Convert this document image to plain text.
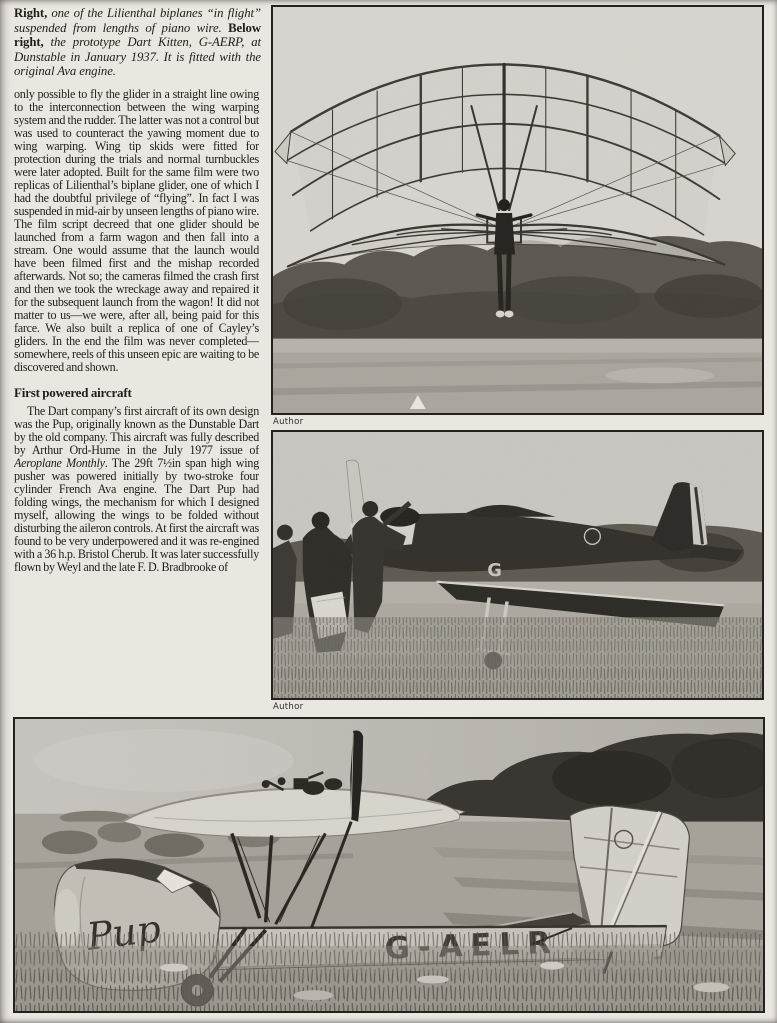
Right, one of the Lilienthal biplanes “in flight” suspended from lengths of piano wire. Below right, the prototype Dart Kitten, G-AERP, at Dunstable in January 1937. It is fitted with the original Ava engine.

only possible to fly the glider in a straight line owing to the interconnection between the wing warping system and the rudder. The latter was not a control but was used to counteract the yawing moment due to wing warping. Wing tip skids were fitted for protection during the trials and normal turnbuckles were later adopted. Built for the same film were two replicas of Lilienthal’s biplane glider, one of which I had the doubtful privilege of “flying”. In fact I was suspended in mid-air by unseen lengths of piano wire. The film script decreed that one glider should be launched from a farm wagon and then fall into a stream. One would assume that the launch would have been filmed first and the mishap recorded afterwards. Not so; the cameras filmed the crash first and then we took the wreckage away and repaired it for the subsequent launch from the wagon! It did not matter to us—we were, after all, being paid for this farce. We also built a replica of one of Cayley’s gliders. In the end the film was never completed—somewhere, reels of this unseen epic are waiting to be discovered and shown.

First powered aircraft

The Dart company’s first aircraft of its own design was the Pup, originally known as the Dunstable Dart by the old company. This aircraft was fully described by Arthur Ord-Hume in the July 1977 issue of Aeroplane Monthly. The 29ft 7½in span high wing pusher was powered initially by two-stroke four cylinder French Ava engine. The Dart Pup had folding wings, the mechanism for which I designed myself, allowing the wings to be folded without disturbing the aileron controls. At first the aircraft was found to be very underpowered and it was re-engined with a 36 h.p. Bristol Cherub. It was later successfully flown by Weyl and the late F. D. Bradbrooke of

Author
G
Author
